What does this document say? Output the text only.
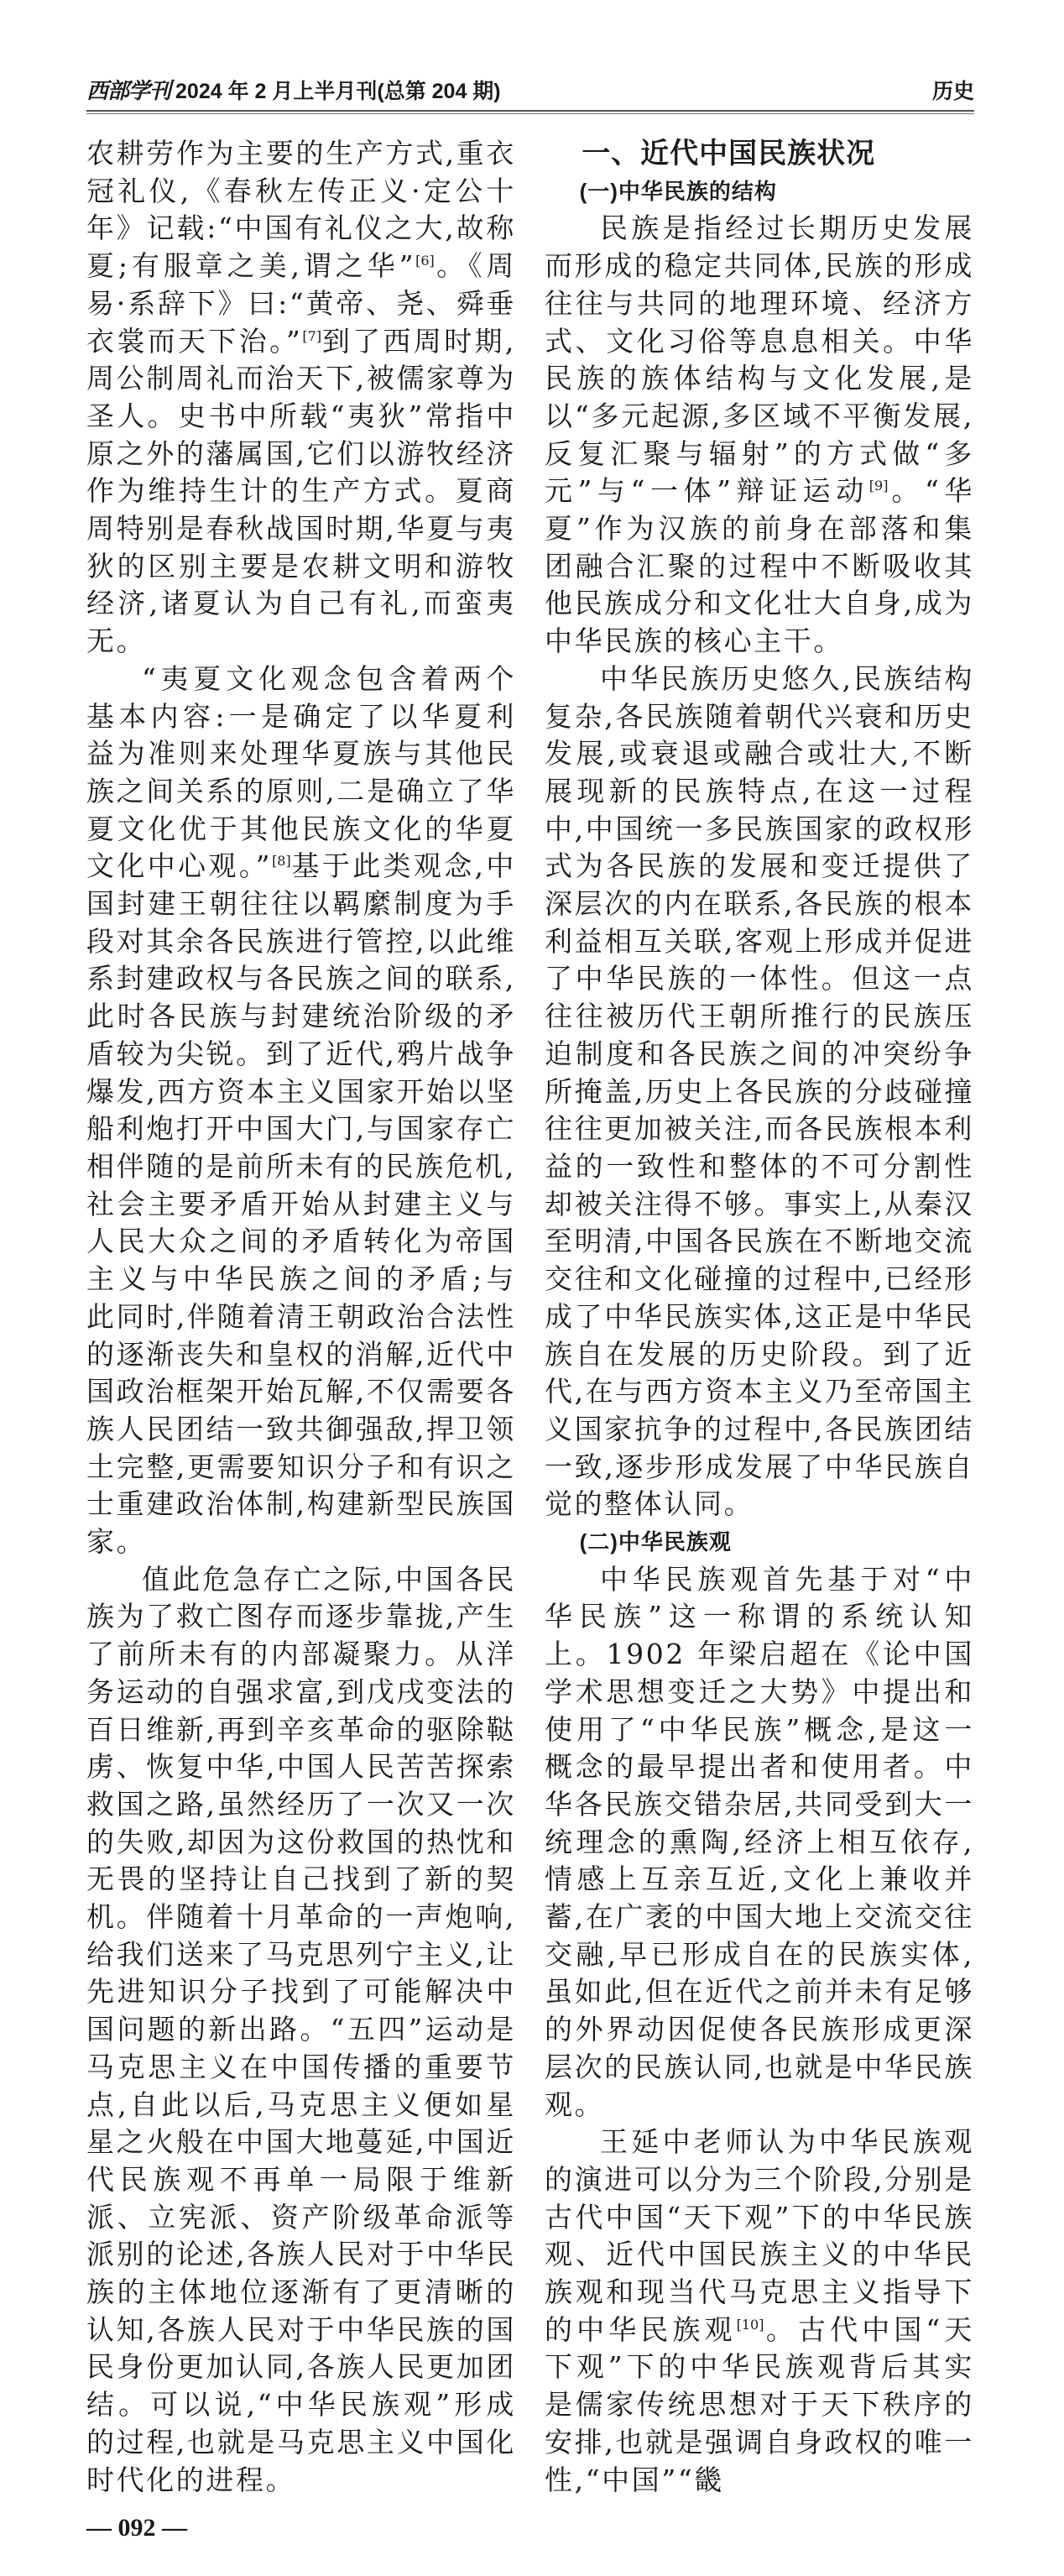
西部学刊 2024 年 2 月上半月刊(总第 204 期)	历史

农耕劳作为主要的生产方式,重衣冠礼仪,《春秋左传正义·定公十年》记载:“中国有礼仪之大,故称夏;有服章之美,谓之华”[6]。《周易·系辞下》曰:“黄帝、尧、舜垂衣裳而天下治。”[7]到了西周时期,周公制周礼而治天下,被儒家尊为圣人。史书中所载“夷狄”常指中原之外的藩属国,它们以游牧经济作为维持生计的生产方式。夏商周特别是春秋战国时期,华夏与夷狄的区别主要是农耕文明和游牧经济,诸夏认为自己有礼,而蛮夷无。

“夷夏文化观念包含着两个基本内容:一是确定了以华夏利益为准则来处理华夏族与其他民族之间关系的原则,二是确立了华夏文化优于其他民族文化的华夏文化中心观。”[8]基于此类观念,中国封建王朝往往以羁縻制度为手段对其余各民族进行管控,以此维系封建政权与各民族之间的联系,此时各民族与封建统治阶级的矛盾较为尖锐。到了近代,鸦片战争爆发,西方资本主义国家开始以坚船利炮打开中国大门,与国家存亡相伴随的是前所未有的民族危机,社会主要矛盾开始从封建主义与人民大众之间的矛盾转化为帝国主义与中华民族之间的矛盾;与此同时,伴随着清王朝政治合法性的逐渐丧失和皇权的消解,近代中国政治框架开始瓦解,不仅需要各族人民团结一致共御强敌,捍卫领土完整,更需要知识分子和有识之士重建政治体制,构建新型民族国家。

值此危急存亡之际,中国各民族为了救亡图存而逐步靠拢,产生了前所未有的内部凝聚力。从洋务运动的自强求富,到戊戌变法的百日维新,再到辛亥革命的驱除鞑虏、恢复中华,中国人民苦苦探索救国之路,虽然经历了一次又一次的失败,却因为这份救国的热忱和无畏的坚持让自己找到了新的契机。伴随着十月革命的一声炮响,给我们送来了马克思列宁主义,让先进知识分子找到了可能解决中国问题的新出路。“五四”运动是马克思主义在中国传播的重要节点,自此以后,马克思主义便如星星之火般在中国大地蔓延,中国近代民族观不再单一局限于维新派、立宪派、资产阶级革命派等派别的论述,各族人民对于中华民族的主体地位逐渐有了更清晰的认知,各族人民对于中华民族的国民身份更加认同,各族人民更加团结。可以说,“中华民族观”形成的过程,也就是马克思主义中国化时代化的进程。

一、近代中国民族状况
(一)中华民族的结构

民族是指经过长期历史发展而形成的稳定共同体,民族的形成往往与共同的地理环境、经济方式、文化习俗等息息相关。中华民族的族体结构与文化发展,是以“多元起源,多区域不平衡发展,反复汇聚与辐射”的方式做“多元”与“一体”辩证运动[9]。“华夏”作为汉族的前身在部落和集团融合汇聚的过程中不断吸收其他民族成分和文化壮大自身,成为中华民族的核心主干。

中华民族历史悠久,民族结构复杂,各民族随着朝代兴衰和历史发展,或衰退或融合或壮大,不断展现新的民族特点,在这一过程中,中国统一多民族国家的政权形式为各民族的发展和变迁提供了深层次的内在联系,各民族的根本利益相互关联,客观上形成并促进了中华民族的一体性。但这一点往往被历代王朝所推行的民族压迫制度和各民族之间的冲突纷争所掩盖,历史上各民族的分歧碰撞往往更加被关注,而各民族根本利益的一致性和整体的不可分割性却被关注得不够。事实上,从秦汉至明清,中国各民族在不断地交流交往和文化碰撞的过程中,已经形成了中华民族实体,这正是中华民族自在发展的历史阶段。到了近代,在与西方资本主义乃至帝国主义国家抗争的过程中,各民族团结一致,逐步形成发展了中华民族自觉的整体认同。

(二)中华民族观

中华民族观首先基于对“中华民族”这一称谓的系统认知上。1902 年梁启超在《论中国学术思想变迁之大势》中提出和使用了“中华民族”概念,是这一概念的最早提出者和使用者。中华各民族交错杂居,共同受到大一统理念的熏陶,经济上相互依存,情感上互亲互近,文化上兼收并蓄,在广袤的中国大地上交流交往交融,早已形成自在的民族实体,虽如此,但在近代之前并未有足够的外界动因促使各民族形成更深层次的民族认同,也就是中华民族观。

王延中老师认为中华民族观的演进可以分为三个阶段,分别是古代中国“天下观”下的中华民族观、近代中国民族主义的中华民族观和现当代马克思主义指导下的中华民族观[10]。古代中国“天下观”下的中华民族观背后其实是儒家传统思想对于天下秩序的安排,也就是强调自身政权的唯一性,“中国”“畿

— 092 —
